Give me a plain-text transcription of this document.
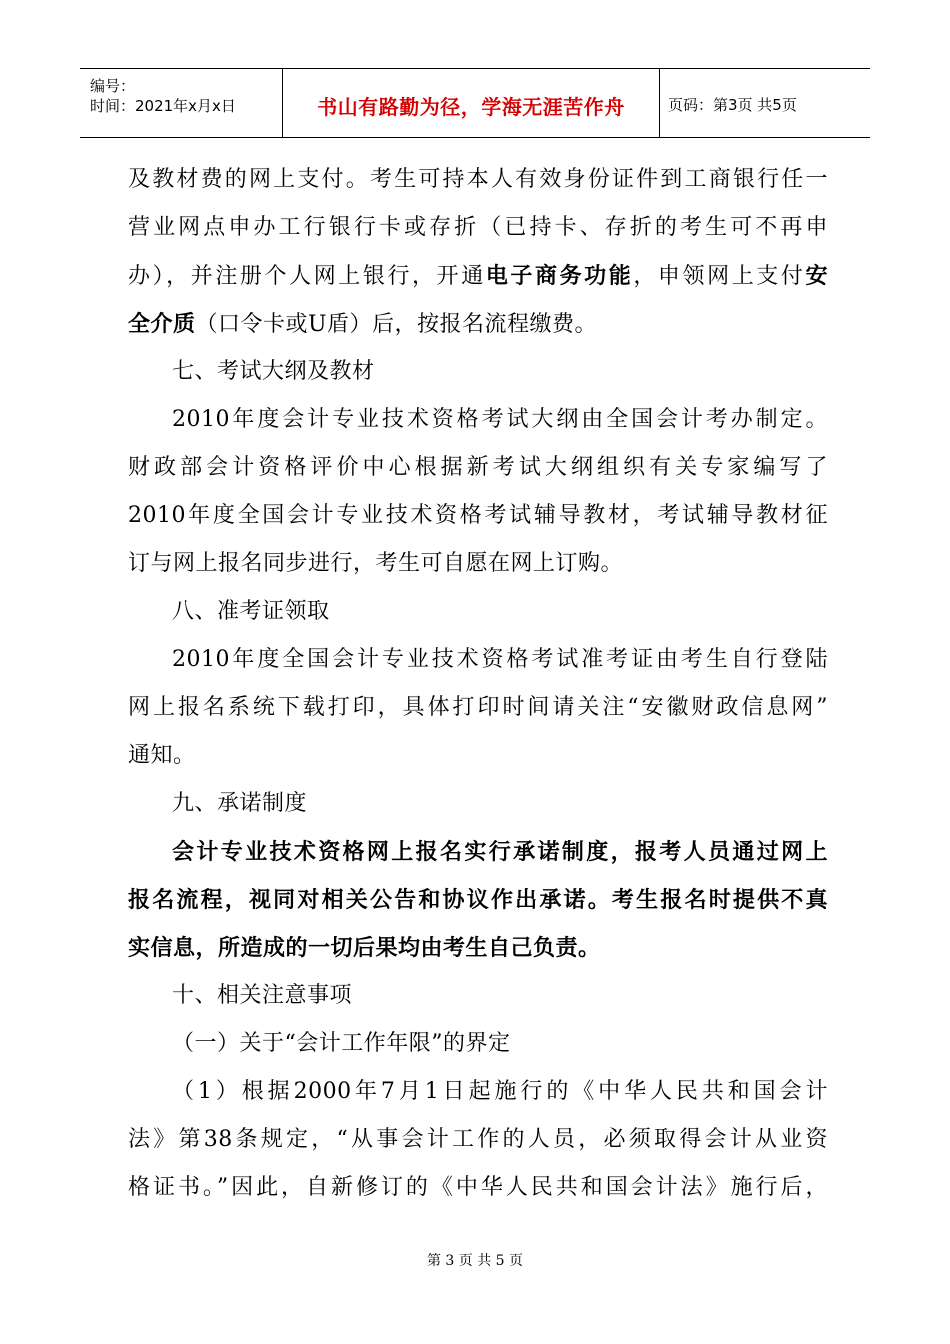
编号：
时间：2021年x月x日	书山有路勤为径，学海无涯苦作舟	页码：第3页 共5页
及教材费的网上支付。考生可持本人有效身份证件到工商银行任一
营业网点申办工行银行卡或存折（已持卡、存折的考生可不再申
办），并注册个人网上银行，开通电子商务功能，申领网上支付安
全介质（口令卡或U盾）后，按报名流程缴费。
七、考试大纲及教材
2010年度会计专业技术资格考试大纲由全国会计考办制定。
财政部会计资格评价中心根据新考试大纲组织有关专家编写了
2010年度全国会计专业技术资格考试辅导教材，考试辅导教材征
订与网上报名同步进行，考生可自愿在网上订购。
八、准考证领取
2010年度全国会计专业技术资格考试准考证由考生自行登陆
网上报名系统下载打印，具体打印时间请关注“安徽财政信息网”
通知。
九、承诺制度
会计专业技术资格网上报名实行承诺制度，报考人员通过网上
报名流程，视同对相关公告和协议作出承诺。考生报名时提供不真
实信息，所造成的一切后果均由考生自己负责。
十、相关注意事项
（一）关于“会计工作年限”的界定
（1）根据2000年7月1日起施行的《中华人民共和国会计
法》第38条规定，“从事会计工作的人员，必须取得会计从业资
格证书。”因此，自新修订的《中华人民共和国会计法》施行后，
第 3 页 共 5 页
